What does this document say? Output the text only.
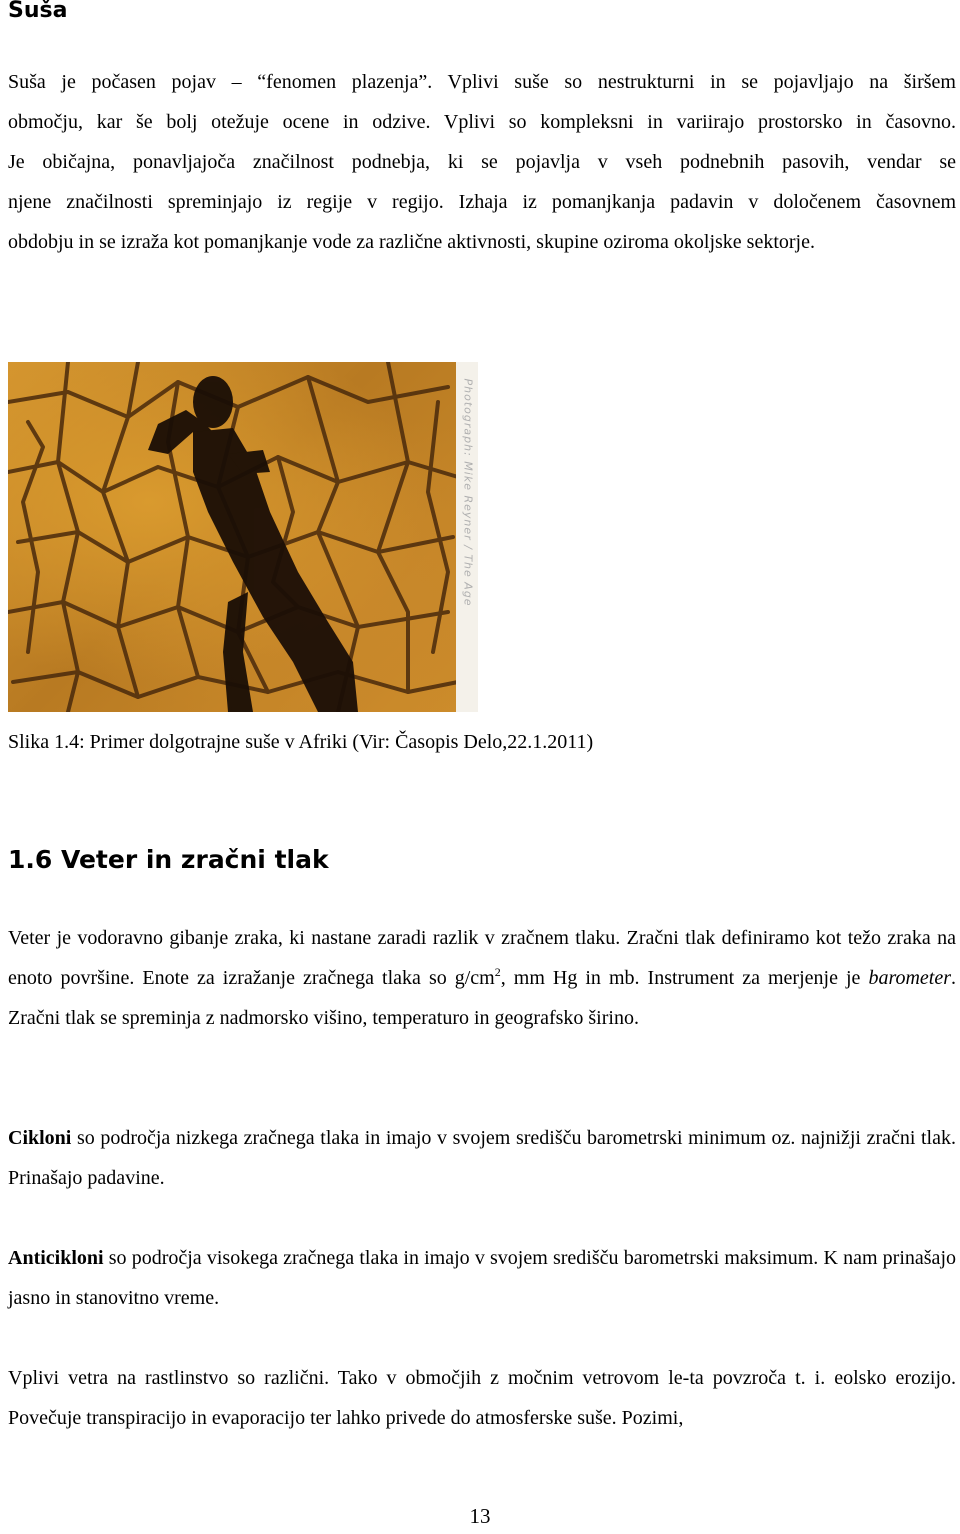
Suša

Suša je počasen pojav – “fenomen plazenja”. Vplivi suše so nestrukturni in se pojavljajo na širšem
območju, kar še bolj otežuje ocene in odzive. Vplivi so kompleksni in variirajo prostorsko in časovno.
Je običajna, ponavljajoča značilnost podnebja, ki se pojavlja v vseh podnebnih pasovih, vendar se
njene značilnosti spreminjajo iz regije v regijo. Izhaja iz pomanjkanja padavin v določenem časovnem
obdobju in se izraža kot pomanjkanje vode za različne aktivnosti, skupine oziroma okoljske sektorje.

Photograph: Mike Reyner / The Age

Slika 1.4: Primer dolgotrajne suše v Afriki (Vir: Časopis Delo,22.1.2011)

1.6 Veter in zračni tlak

Veter je vodoravno gibanje zraka, ki nastane zaradi razlik v zračnem tlaku. Zračni tlak definiramo kot težo zraka na enoto površine. Enote za izražanje zračnega tlaka so $g/cm^2$, mm Hg in mb. Instrument za merjenje je barometer. Zračni tlak se spreminja z nadmorsko višino, temperaturo in geografsko širino.

Cikloni so področja nizkega zračnega tlaka in imajo v svojem središču barometrski minimum oz. najnižji zračni tlak. Prinašajo padavine.

Anticikloni so področja visokega zračnega tlaka in imajo v svojem središču barometrski maksimum. K nam prinašajo jasno in stanovitno vreme.

Vplivi vetra na rastlinstvo so različni. Tako v območjih z močnim vetrovom le-ta povzroča t. i. eolsko erozijo. Povečuje transpiracijo in evaporacijo ter lahko privede do atmosferske suše. Pozimi,

13
